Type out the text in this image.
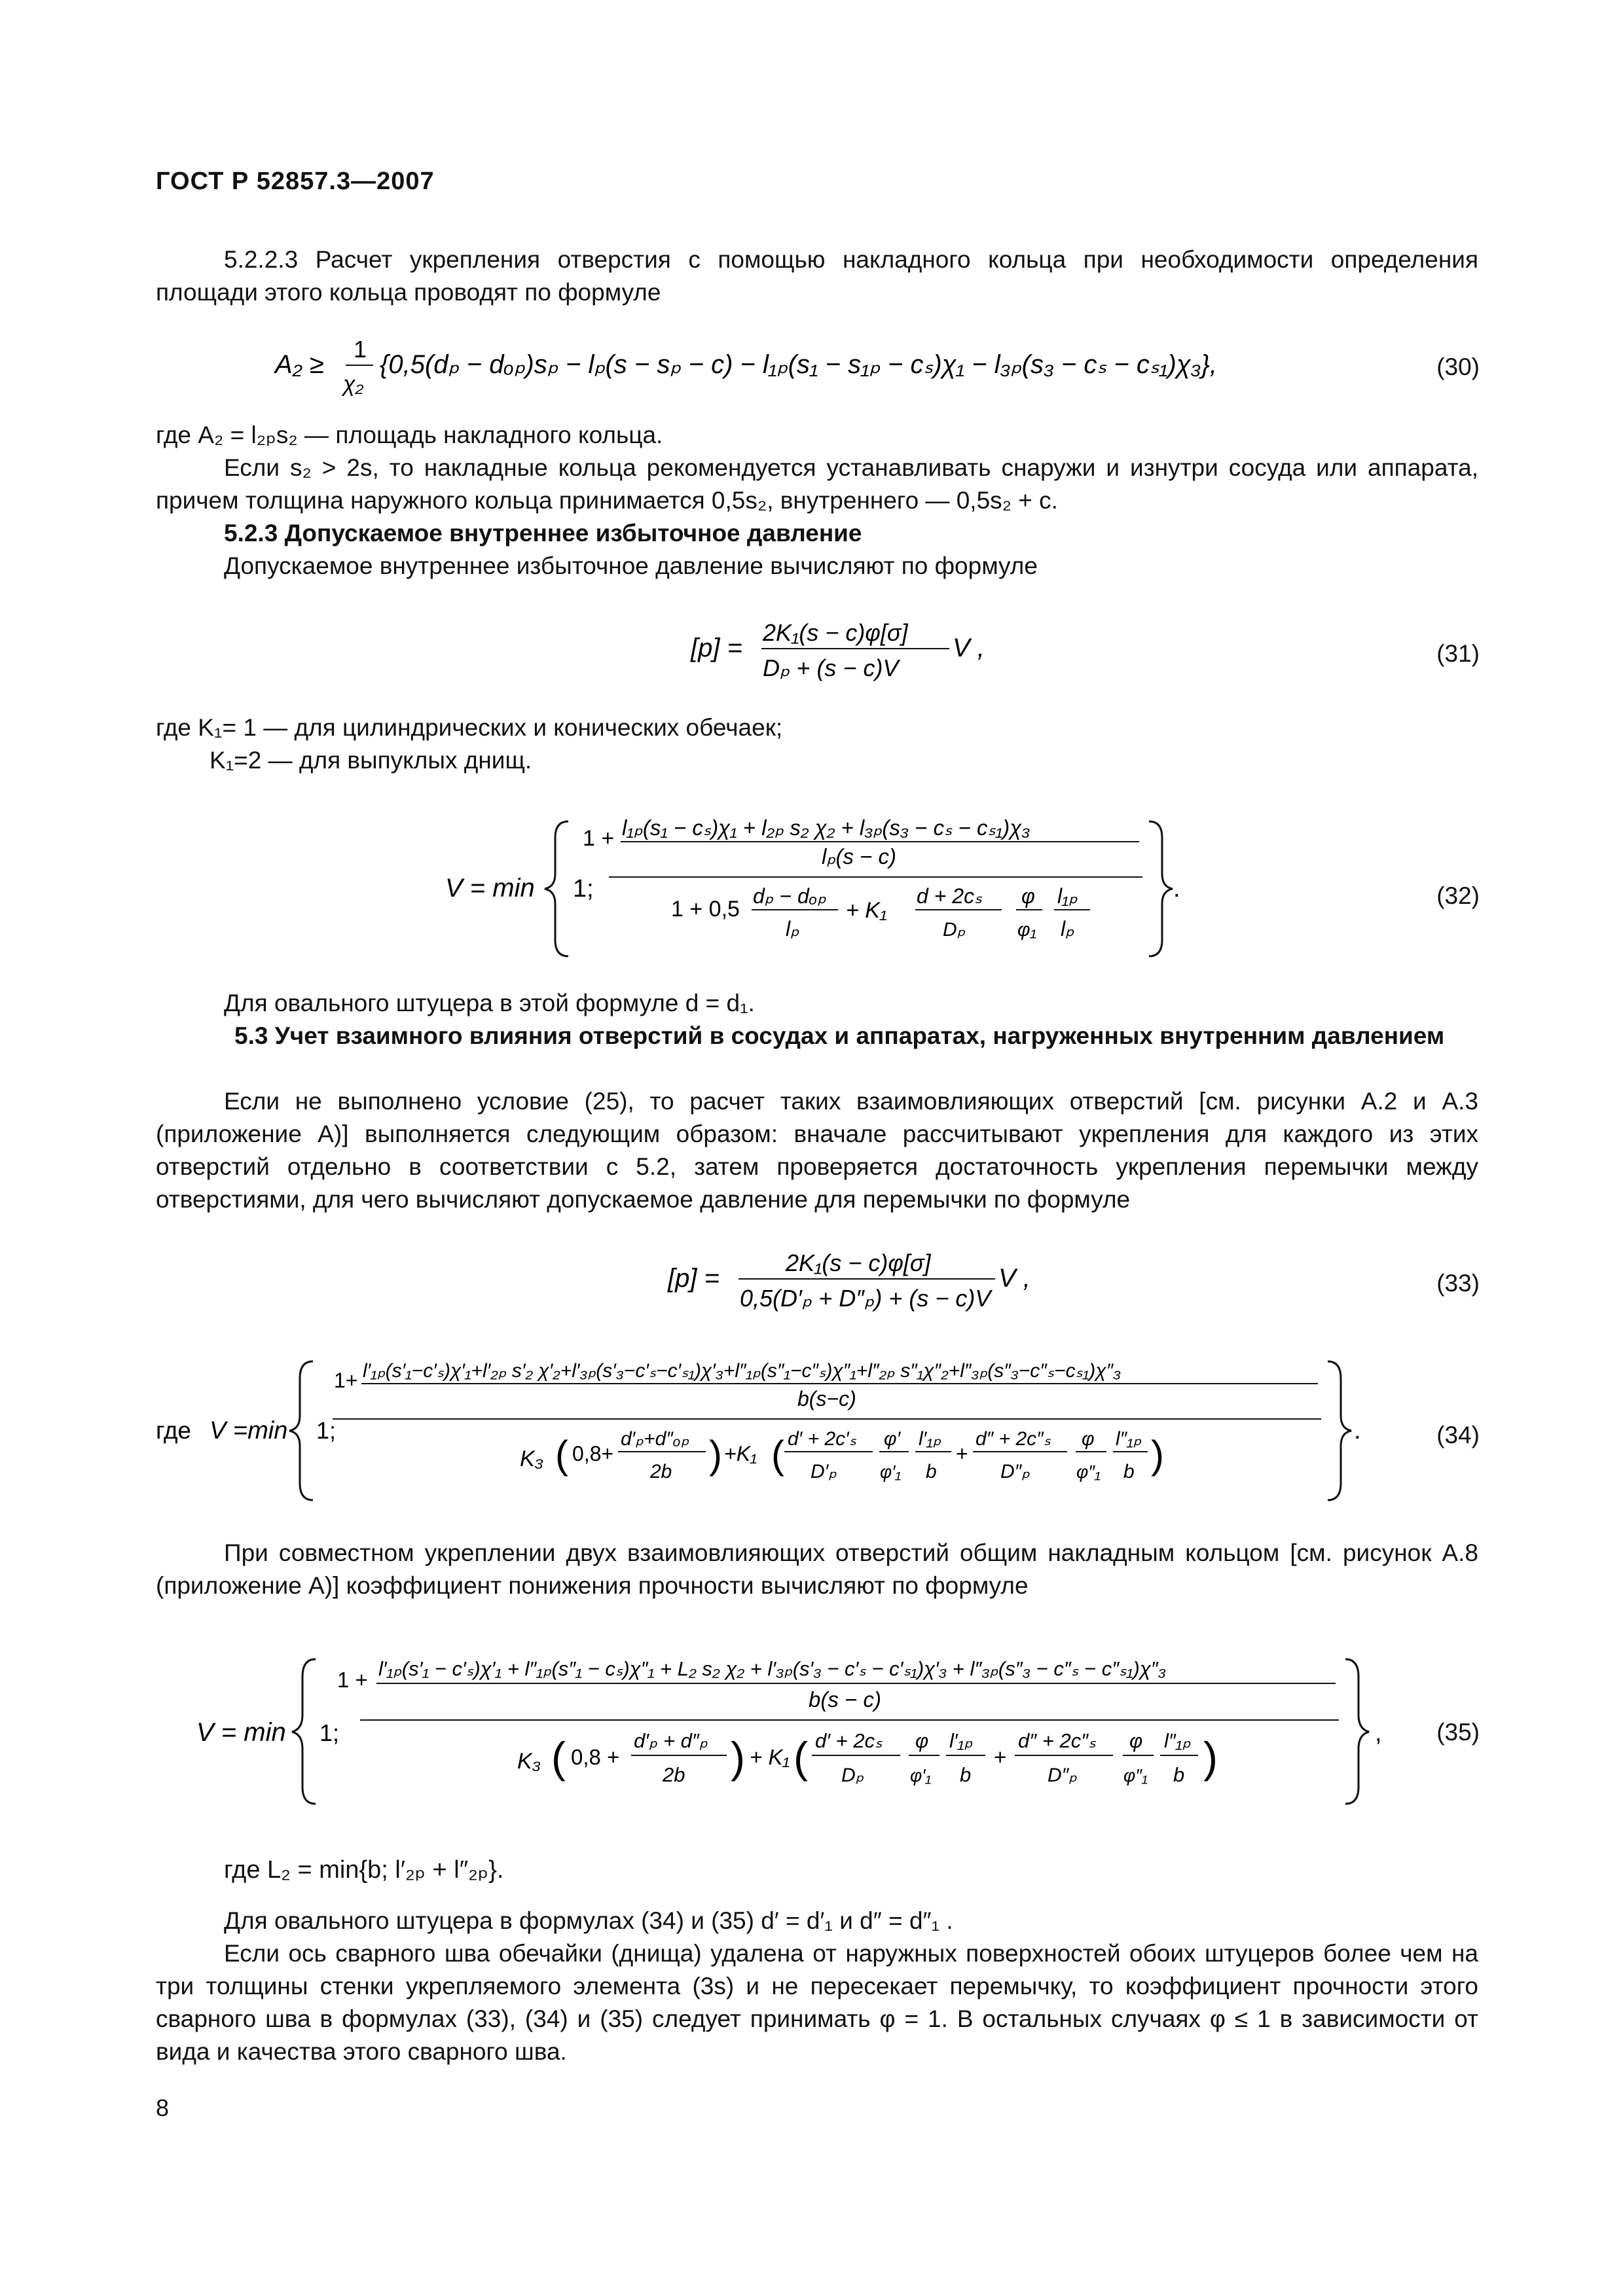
ГОСТ Р 52857.3—2007
5.2.2.3 Расчет укрепления отверстия с помощью накладного кольца при необходимости определения площади этого кольца проводят по формуле
A₂ ≥
1
χ₂
{0,5(dₚ − dₒₚ)sₚ − lₚ(s − sₚ − c) − l₁ₚ(s₁ − s₁ₚ − cₛ)χ₁ − l₃ₚ(s₃ − cₛ − cₛ₁)χ₃},	(30)
где A₂ = l₂ₚs₂ — площадь накладного кольца.
Если s₂ > 2s, то накладные кольца рекомендуется устанавливать снаружи и изнутри сосуда или аппарата, причем толщина наружного кольца принимается 0,5s₂, внутреннего — 0,5s₂ + c.
5.2.3 Допускаемое внутреннее избыточное давление
Допускаемое внутреннее избыточное давление вычисляют по формуле
[p] =
2K₁(s − c)φ[σ]
Dₚ + (s − c)V
V ,	(31)
где K₁= 1 — для цилиндрических и конических обечаек;
K₁=2 — для выпуклых днищ.
V = min 1;
1 + l₁ₚ(s₁ − cₛ)χ₁ + l₂ₚ s₂ χ₂ + l₃ₚ(s₃ − cₛ − cₛ₁)χ₃
lₚ(s − c)
1 + 0,5
dₚ − dₒₚ
lₚ
+ K₁
d + 2cₛ
Dₚ
φ
φ₁
l₁ₚ
lₚ
.	(32)
Для овального штуцера в этой формуле d = d₁.
5.3 Учет взаимного влияния отверстий в сосудах и аппаратах, нагруженных внутренним давлением
Если не выполнено условие (25), то расчет таких взаимовлияющих отверстий [см. рисунки А.2 и А.3 (приложение А)] выполняется следующим образом: вначале рассчитывают укрепления для каждого из этих отверстий отдельно в соответствии с 5.2, затем проверяется достаточность укрепления перемычки между отверстиями, для чего вычисляют допускаемое давление для перемычки по формуле
[p] =
2K₁(s − c)φ[σ]
0,5(D′ₚ + D″ₚ) + (s − c)V
V ,	(33)
где V =min 1;
1+ l′₁ₚ(s′₁−c′ₛ)χ′₁+l′₂ₚ s′₂ χ′₂+l′₃ₚ(s′₃−c′ₛ−c′ₛ₁)χ′₃+l″₁ₚ(s″₁−c″ₛ)χ″₁+l″₂ₚ s″₁χ″₂+l″₃ₚ(s″₃−c″ₛ−cₛ₁)χ″₃
b(s−c)
K₃ ( 0,8+
d′ₚ+d″ₒₚ
2b ) +K₁ ( d′ + 2c′ₛ
D′ₚ
φ′
φ′₁
l′₁ₚ
b
+
d″ + 2c″ₛ
D″ₚ
φ
φ″₁
l″₁ₚ
b )
.	(34)
При совместном укреплении двух взаимовлияющих отверстий общим накладным кольцом [см. рисунок А.8 (приложение А)] коэффициент понижения прочности вычисляют по формуле
V = min 1;
1 + l′₁ₚ(s′₁ − c′ₛ)χ′₁ + l″₁ₚ(s″₁ − cₛ)χ″₁ + L₂ s₂ χ₂ + l′₃ₚ(s′₃ − c′ₛ − c′ₛ₁)χ′₃ + l″₃ₚ(s″₃ − c″ₛ − c″ₛ₁)χ″₃
b(s − c)
K₃ ( 0,8 +
d′ₚ + d″ₚ
2b ) + K₁ ( d′ + 2cₛ
Dₚ
φ
φ′₁
l′₁ₚ
b
+
d″ + 2c″ₛ
D″ₚ
φ
φ″₁
l″₁ₚ
b )	,	(35)
где L₂ = min{b; l′₂ₚ + l″₂ₚ}.
Для овального штуцера в формулах (34) и (35) d′ = d′₁ и d″ = d″₁ .
Если ось сварного шва обечайки (днища) удалена от наружных поверхностей обоих штуцеров более чем на три толщины стенки укрепляемого элемента (3s) и не пересекает перемычку, то коэффициент прочности этого сварного шва в формулах (33), (34) и (35) следует принимать φ = 1. В остальных случаях φ ≤ 1 в зависимости от вида и качества этого сварного шва.
8
